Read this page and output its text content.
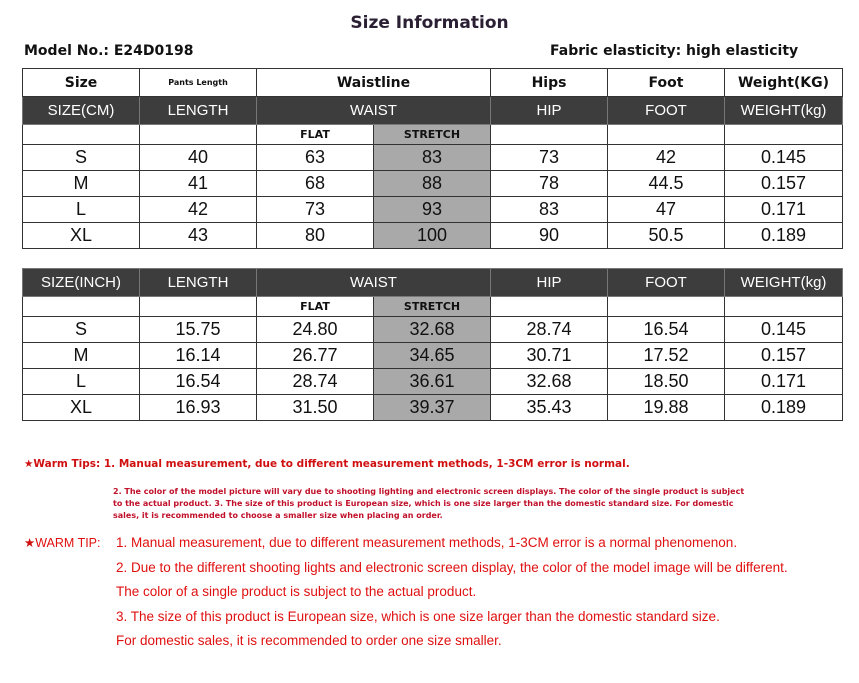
Size Information
Model No.: E24D0198	Fabric elasticity: high elasticity
Size	Pants Length	Waistline		Hips	Foot	Weight(KG)
SIZE(CM)	LENGTH	WAIST		HIP	FOOT	WEIGHT(kg)
		FLAT	STRETCH			
S	40	63	83	73	42	0.145
M	41	68	88	78	44.5	0.157
L	42	73	93	83	47	0.171
XL	43	80	100	90	50.5	0.189
SIZE(INCH)	LENGTH	WAIST		HIP	FOOT	WEIGHT(kg)
		FLAT	STRETCH			
S	15.75	24.80	32.68	28.74	16.54	0.145
M	16.14	26.77	34.65	30.71	17.52	0.157
L	16.54	28.74	36.61	32.68	18.50	0.171
XL	16.93	31.50	39.37	35.43	19.88	0.189
★Warm Tips: 1. Manual measurement, due to different measurement methods, 1-3CM error is normal.
2. The color of the model picture will vary due to shooting lighting and electronic screen displays. The color of the single product is subject to the actual product. 3. The size of this product is European size, which is one size larger than the domestic standard size. For domestic sales, it is recommended to choose a smaller size when placing an order.
★WARM TIP: 1. Manual measurement, due to different measurement methods, 1-3CM error is a normal phenomenon.
2. Due to the different shooting lights and electronic screen display, the color of the model image will be different.
The color of a single product is subject to the actual product.
3. The size of this product is European size, which is one size larger than the domestic standard size.
For domestic sales, it is recommended to order one size smaller.
